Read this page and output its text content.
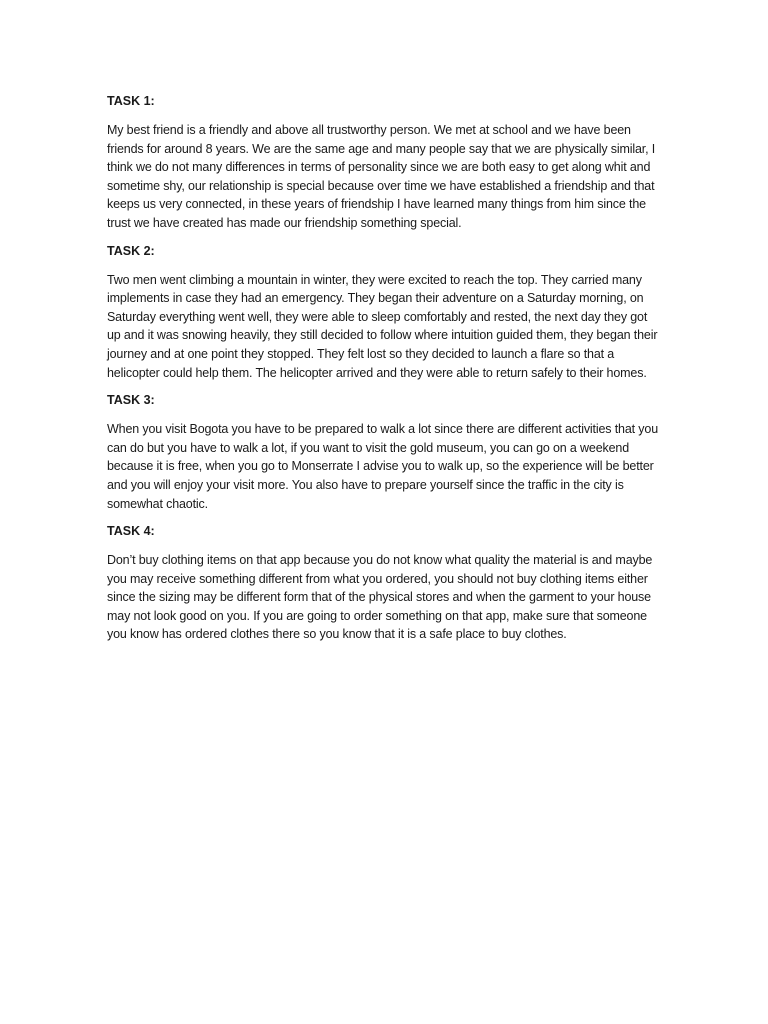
TASK 1:

My best friend is a friendly and above all trustworthy person. We met at school and we have been friends for around 8 years. We are the same age and many people say that we are physically similar, I think we do not many differences in terms of personality since we are both easy to get along whit and sometime shy, our relationship is special because over time we have established a friendship and that keeps us very connected, in these years of friendship I have learned many things from him since the trust we have created has made our friendship something special.

TASK 2:

Two men went climbing a mountain in winter, they were excited to reach the top. They carried many implements in case they had an emergency. They began their adventure on a Saturday morning, on Saturday everything went well, they were able to sleep comfortably and rested, the next day they got up and it was snowing heavily, they still decided to follow where intuition guided them, they began their journey and at one point they stopped. They felt lost so they decided to launch a flare so that a helicopter could help them. The helicopter arrived and they were able to return safely to their homes.

TASK 3:

When you visit Bogota you have to be prepared to walk a lot since there are different activities that you can do but you have to walk a lot, if you want to visit the gold museum, you can go on a weekend because it is free, when you go to Monserrate I advise you to walk up, so the experience will be better and you will enjoy your visit more. You also have to prepare yourself since the traffic in the city is somewhat chaotic.

TASK 4:

Don’t buy clothing items on that app because you do not know what quality the material is and maybe you may receive something different from what you ordered, you should not buy clothing items either since the sizing may be different form that of the physical stores and when the garment to your house may not look good on you. If you are going to order something on that app, make sure that someone you know has ordered clothes there so you know that it is a safe place to buy clothes.
